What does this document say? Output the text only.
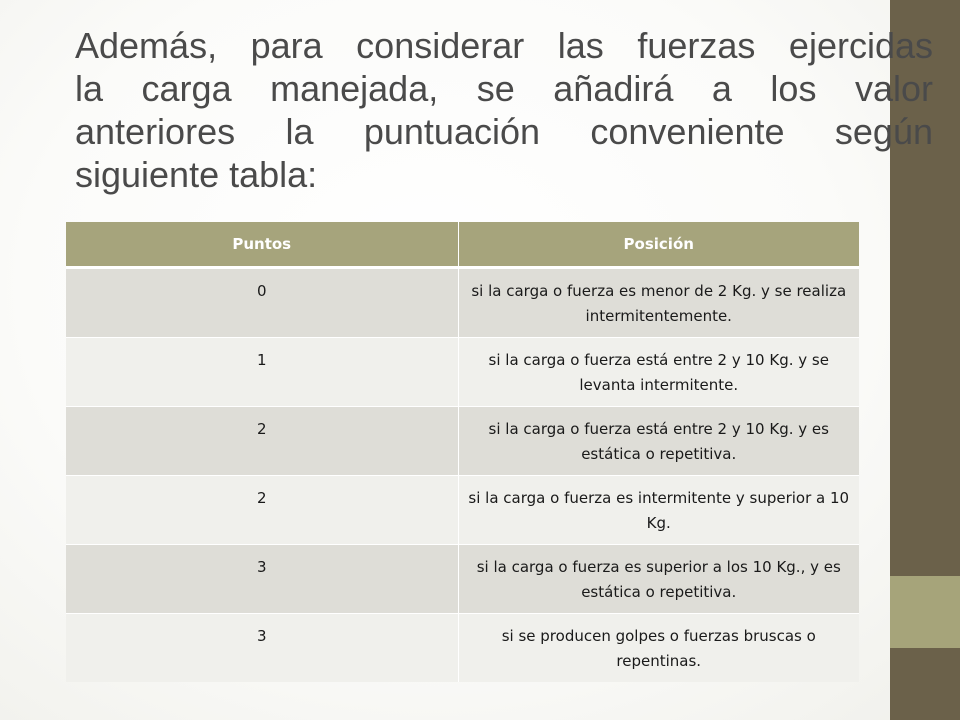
Además, para considerar las fuerzas ejercidas
la carga manejada, se añadirá a los valor
anteriores la puntuación conveniente según
siguiente tabla:
Puntos	Posición
0	si la carga o fuerza es menor de 2 Kg. y se realiza intermitentemente.
1	si la carga o fuerza está entre 2 y 10 Kg. y se levanta intermitente.
2	si la carga o fuerza está entre 2 y 10 Kg. y es estática o repetitiva.
2	si la carga o fuerza es intermitente y superior a 10 Kg.
3	si la carga o fuerza es superior a los 10 Kg., y es estática o repetitiva.
3	si se producen golpes o fuerzas bruscas o repentinas.
